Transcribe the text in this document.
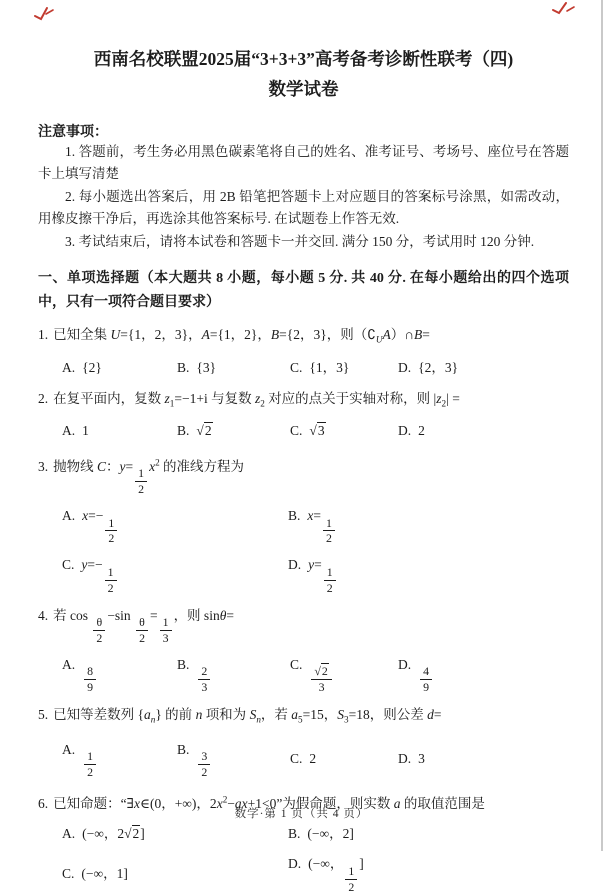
西南名校联盟2025届“3+3+3”高考备考诊断性联考（四)
数学试卷
注意事项：

1. 答题前，考生务必用黑色碳素笔将自己的姓名、准考证号、考场号、座位号在答题卡上填写清楚

2. 每小题选出答案后，用 2B 铅笔把答题卡上对应题目的答案标号涂黑，如需改动，用橡皮擦干净后，再选涂其他答案标号. 在试题卷上作答无效.

3. 考试结束后，请将本试卷和答题卡一并交回. 满分 150 分，考试用时 120 分钟.

一、单项选择题（本大题共 8 小题，每小题 5 分. 共 40 分. 在每小题给出的四个选项中，只有一项符合题目要求）

1. 已知全集 U={1，2，3}，A={1，2}，B={2，3}，则$(∁_UA)\cap B=$

A. {2}	B. {3}	C. {1，3}	D. {2，3}

2. 在复平面内，复数 $z_1=-1+i$ 与复数 $z_2$ 对应的点关于实轴对称，则 $|z_2|$ =

A. 1	B. √2	C. √3	D. 2

3. 抛物线 C：y=
$\frac{1}{2}$
$x^2$ 的准线方程为

A. x=−
$\frac{1}{2}$
B. x=
$\frac{1}{2}$
C. y=−
$\frac{1}{2}$
D. y=
$\frac{1}{2}$

4. 若 cos
$\frac{\theta}{2}$
−sin
$\frac{\theta}{2}$
=
$\frac{1}{3}$
，则 sinθ=

A.
$\frac{8}{9}$
B.
$\frac{2}{3}$
C.
$\frac{√2}{3}$
D.
$\frac{4}{9}$

5. 已知等差数列 $\{a_n\}$ 的前 n 项和为 $S_n$，若 $a_5=15$，$S_3=18$，则公差 d=

A.
$\frac{1}{2}$
B.
$\frac{3}{2}$	C. 2	D. 3

6. 已知命题：“∃x∈(0，+∞)，$2x^2-ax+1<0$”为假命题，则实数 a 的取值范围是

A. (−∞，2√2]	B. (−∞，2]
C. (−∞，1]
D. (−∞，
$\frac{1}{2}$
]
数学·第 1 页（共 4 页）
